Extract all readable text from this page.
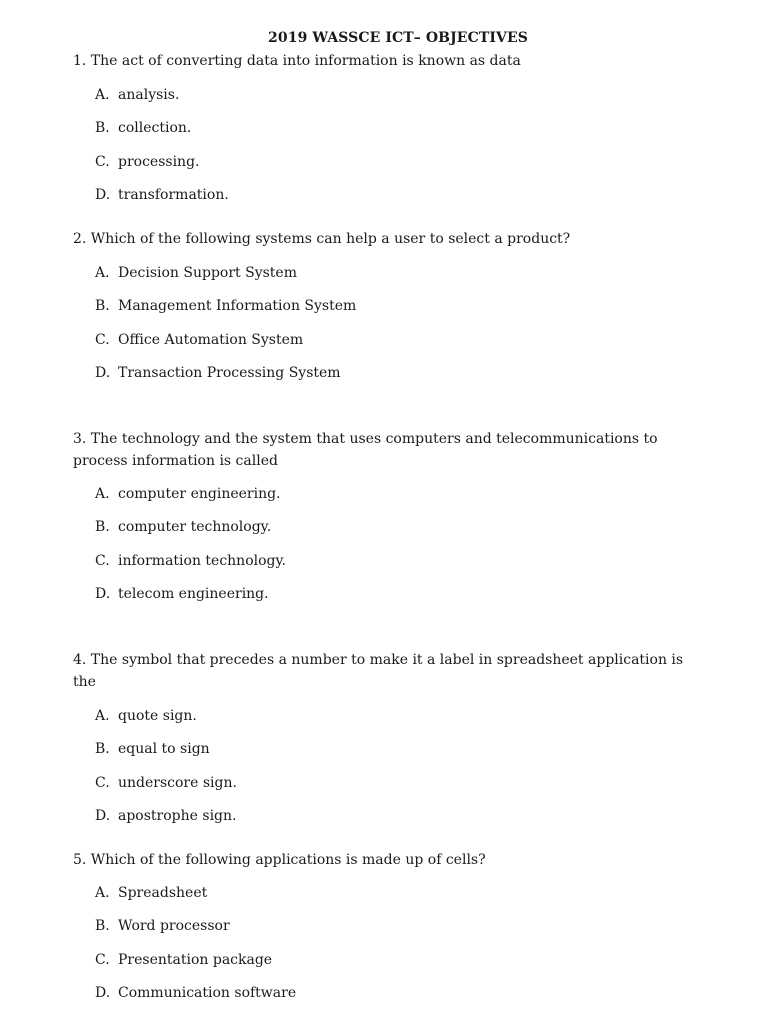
2019 WASSCE ICT– OBJECTIVES

1. The act of converting data into information is known as data

A. analysis.
B. collection.
C. processing.
D. transformation.

2. Which of the following systems can help a user to select a product?

A. Decision Support System
B. Management Information System
C. Office Automation System
D. Transaction Processing System

3. The technology and the system that uses computers and telecommunications to process information is called

A. computer engineering.
B. computer technology.
C. information technology.
D. telecom engineering.

4. The symbol that precedes a number to make it a label in spreadsheet application is the

A. quote sign.
B. equal to sign
C. underscore sign.
D. apostrophe sign.

5. Which of the following applications is made up of cells?

A. Spreadsheet
B. Word processor
C. Presentation package
D. Communication software
